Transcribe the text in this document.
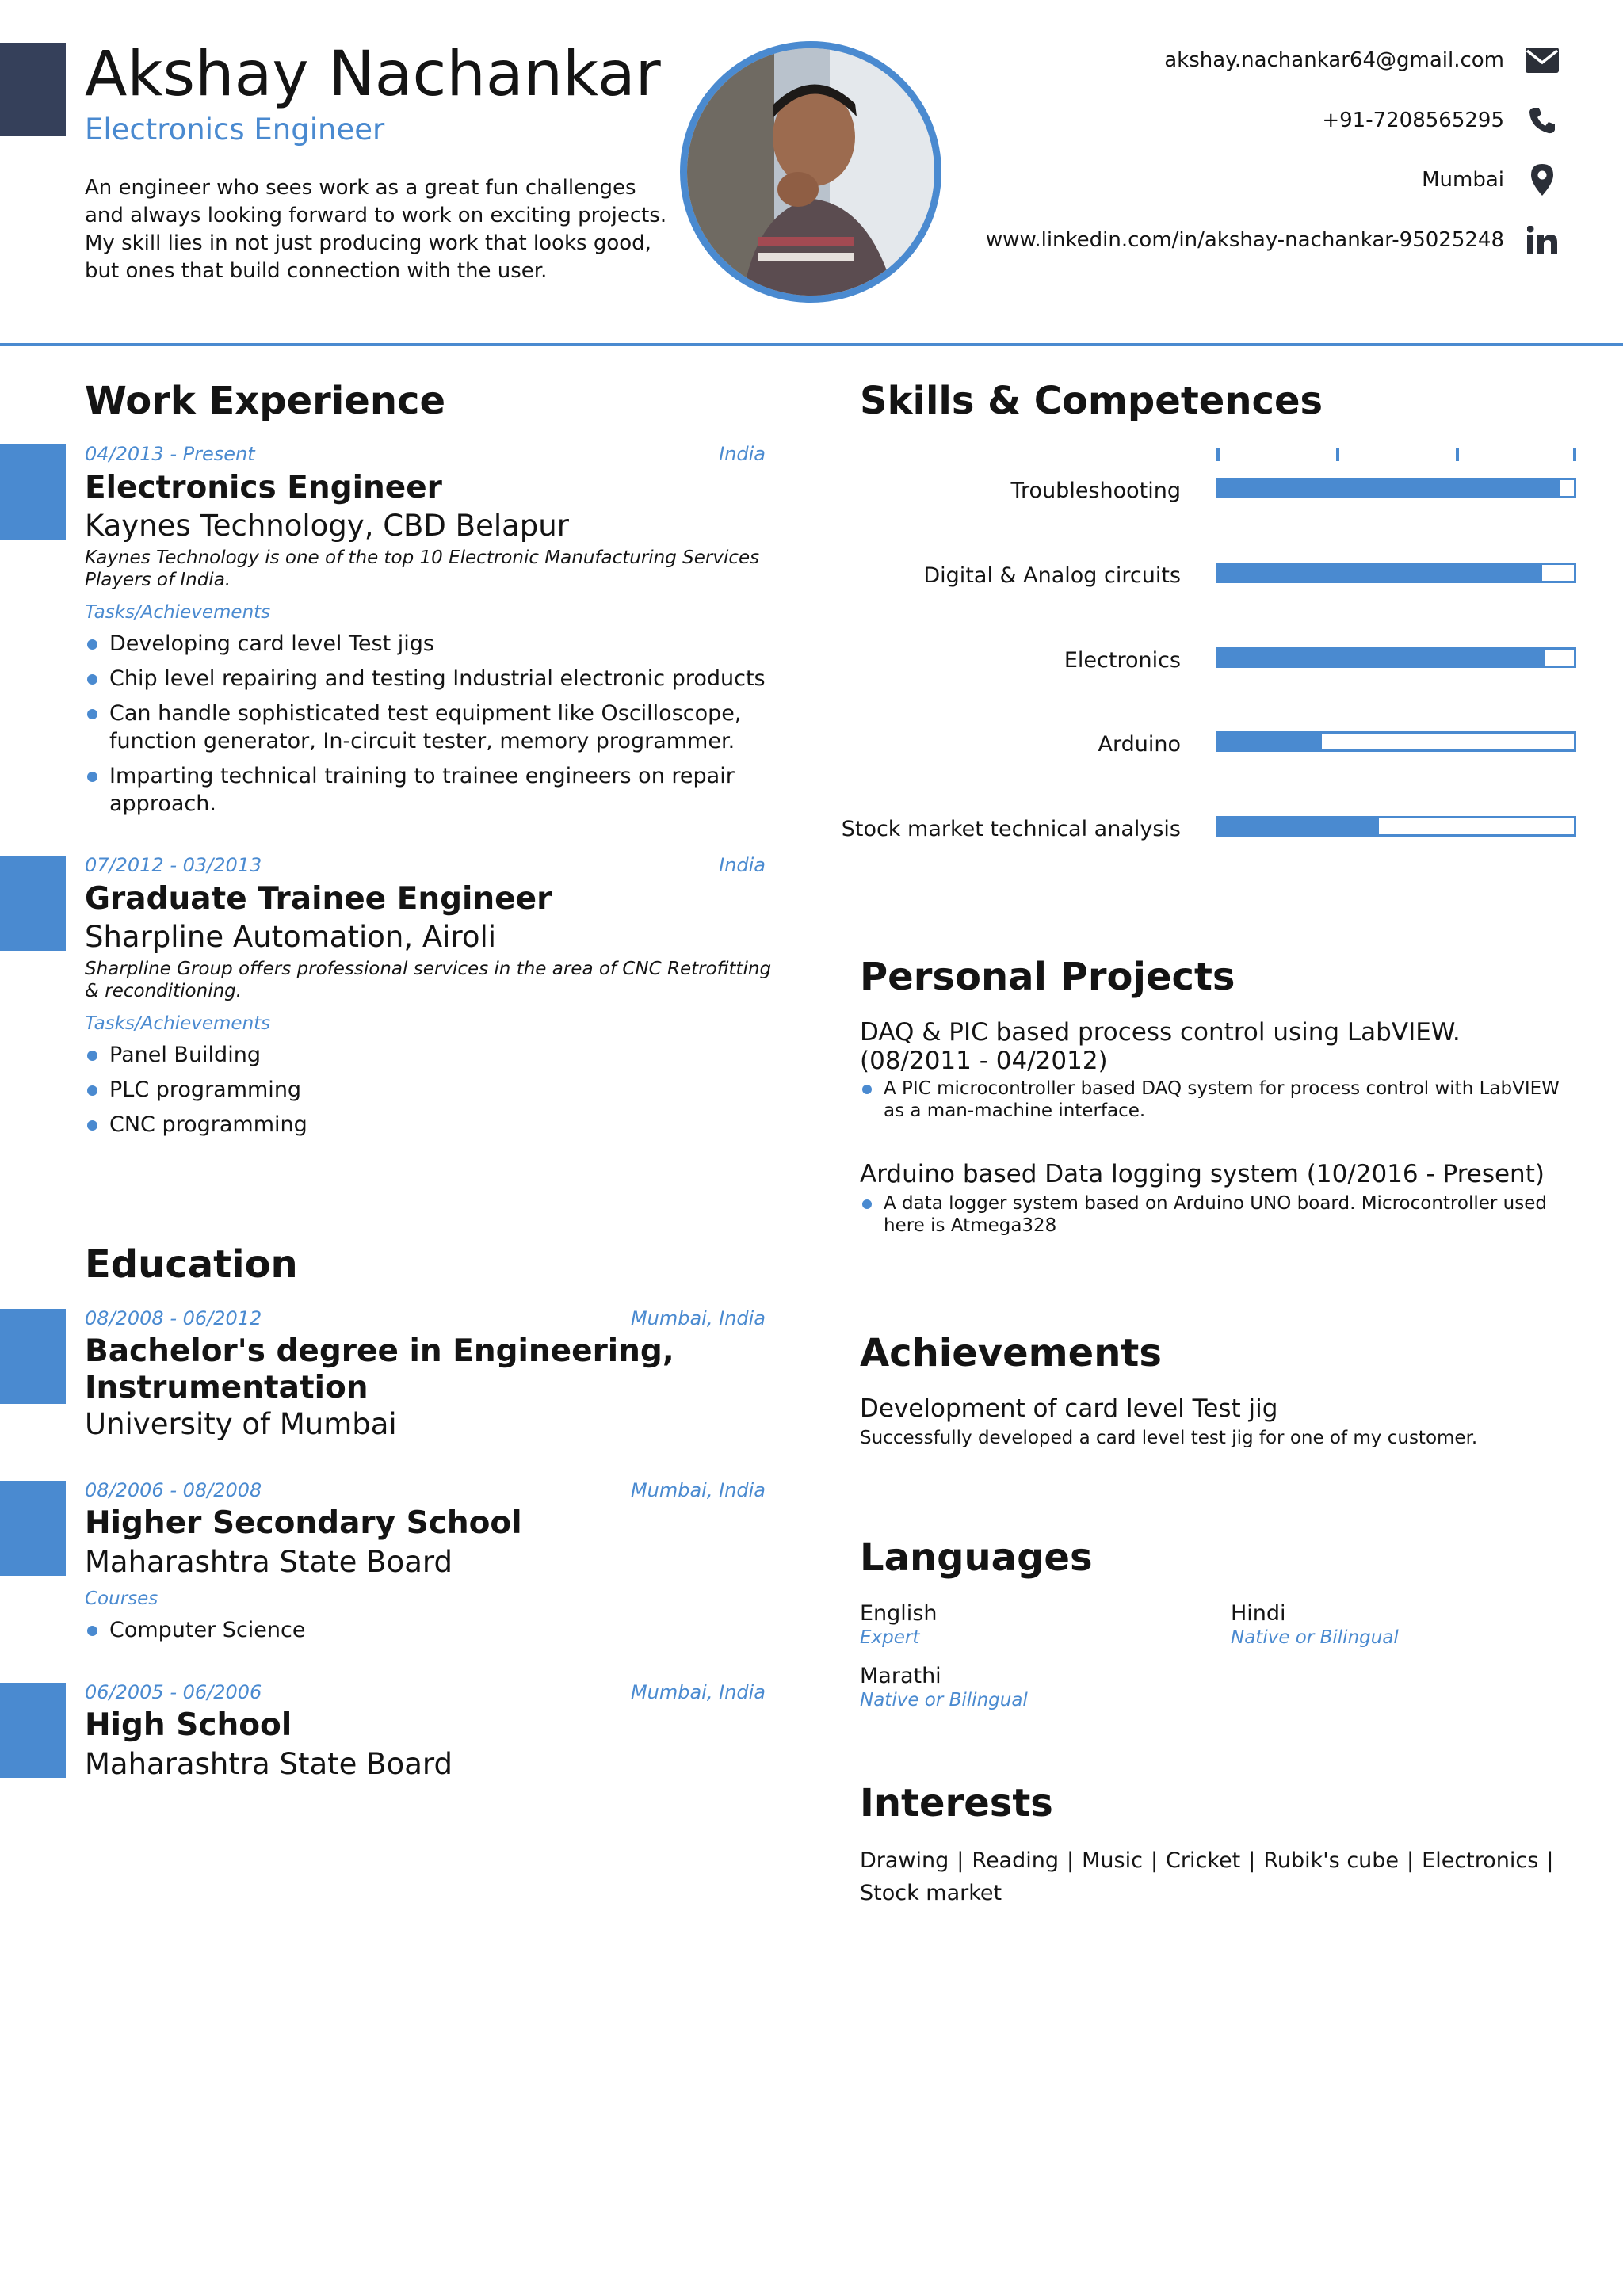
Akshay Nachankar
Electronics Engineer
An engineer who sees work as a great fun challenges and always looking forward to work on exciting projects. My skill lies in not just producing work that looks good, but ones that build connection with the user.
akshay.nachankar64@gmail.com
+91-7208565295
Mumbai
www.linkedin.com/in/akshay-nachankar-95025248
Work Experience
04/2013 - Present	India
Electronics Engineer
Kaynes Technology, CBD Belapur
Kaynes Technology is one of the top 10 Electronic Manufacturing Services Players of India.
Tasks/Achievements
Developing card level Test jigs
Chip level repairing and testing Industrial electronic products
Can handle sophisticated test equipment like Oscilloscope, function generator, In-circuit tester, memory programmer.
Imparting technical training to trainee engineers on repair approach.
07/2012 - 03/2013	India
Graduate Trainee Engineer
Sharpline Automation, Airoli
Sharpline Group offers professional services in the area of CNC Retrofitting & reconditioning.
Tasks/Achievements
Panel Building
PLC programming
CNC programming
Education
08/2008 - 06/2012	Mumbai, India
Bachelor's degree in Engineering, Instrumentation
University of Mumbai
08/2006 - 08/2008	Mumbai, India
Higher Secondary School
Maharashtra State Board
Courses
Computer Science
06/2005 - 06/2006	Mumbai, India
High School
Maharashtra State Board
Skills & Competences
Troubleshooting
Digital & Analog circuits
Electronics
Arduino
Stock market technical analysis
Personal Projects
DAQ & PIC based process control using LabVIEW. (08/2011 - 04/2012)
A PIC microcontroller based DAQ system for process control with LabVIEW as a man-machine interface.
Arduino based Data logging system (10/2016 - Present)
A data logger system based on Arduino UNO board. Microcontroller used here is Atmega328
Achievements
Development of card level Test jig
Successfully developed a card level test jig for one of my customer.
Languages
English
Expert
Hindi
Native or Bilingual
Marathi
Native or Bilingual
Interests
Drawing | Reading | Music | Cricket | Rubik's cube | Electronics |
Stock market
